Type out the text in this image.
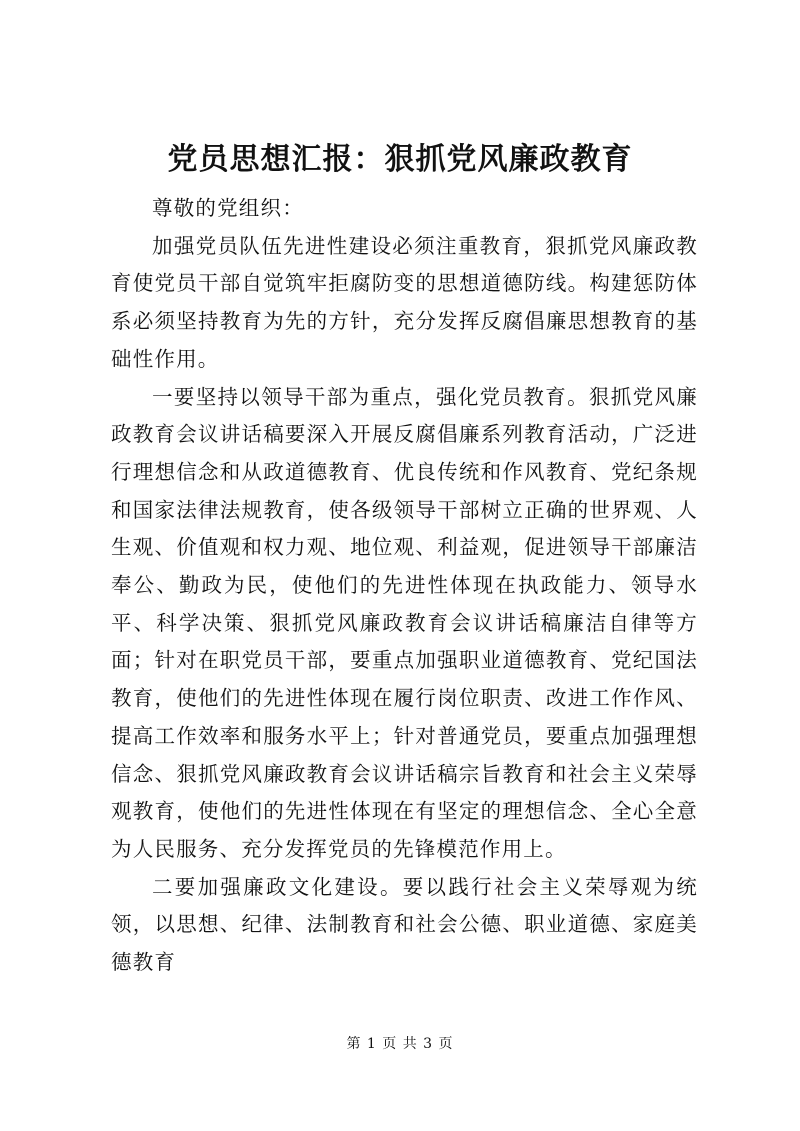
党员思想汇报：狠抓党风廉政教育

尊敬的党组织：

加强党员队伍先进性建设必须注重教育，狠抓党风廉政教育使党员干部自觉筑牢拒腐防变的思想道德防线。构建惩防体系必须坚持教育为先的方针，充分发挥反腐倡廉思想教育的基础性作用。

一要坚持以领导干部为重点，强化党员教育。狠抓党风廉政教育会议讲话稿要深入开展反腐倡廉系列教育活动，广泛进行理想信念和从政道德教育、优良传统和作风教育、党纪条规和国家法律法规教育，使各级领导干部树立正确的世界观、人生观、价值观和权力观、地位观、利益观，促进领导干部廉洁奉公、勤政为民，使他们的先进性体现在执政能力、领导水平、科学决策、狠抓党风廉政教育会议讲话稿廉洁自律等方面；针对在职党员干部，要重点加强职业道德教育、党纪国法教育，使他们的先进性体现在履行岗位职责、改进工作作风、提高工作效率和服务水平上；针对普通党员，要重点加强理想信念、狠抓党风廉政教育会议讲话稿宗旨教育和社会主义荣辱观教育，使他们的先进性体现在有坚定的理想信念、全心全意为人民服务、充分发挥党员的先锋模范作用上。

二要加强廉政文化建设。要以践行社会主义荣辱观为统领，以思想、纪律、法制教育和社会公德、职业道德、家庭美德教育

第 1 页 共 3 页
